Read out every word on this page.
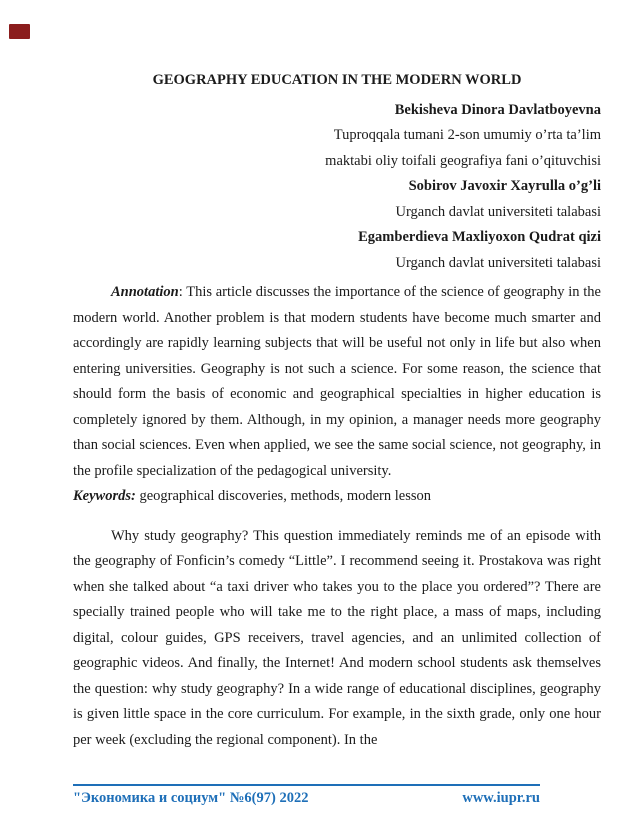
GEOGRAPHY EDUCATION IN THE MODERN WORLD

Bekisheva Dinora Davlatboyevna
Tuproqqala tumani 2-son umumiy o’rta ta’lim
maktabi oliy toifali geografiya fani o’qituvchisi
Sobirov Javoxir Xayrulla o’g’li
Urganch davlat universiteti talabasi
Egamberdieva Maxliyoxon Qudrat qizi
Urganch davlat universiteti talabasi

Annotation: This article discusses the importance of the science of geography in the modern world. Another problem is that modern students have become much smarter and accordingly are rapidly learning subjects that will be useful not only in life but also when entering universities. Geography is not such a science. For some reason, the science that should form the basis of economic and geographical specialties in higher education is completely ignored by them. Although, in my opinion, a manager needs more geography than social sciences. Even when applied, we see the same social science, not geography, in the profile specialization of the pedagogical university.

Keywords: geographical discoveries, methods, modern lesson

Why study geography? This question immediately reminds me of an episode with the geography of Fonficin’s comedy “Little”. I recommend seeing it. Prostakova was right when she talked about “a taxi driver who takes you to the place you ordered”? There are specially trained people who will take me to the right place, a mass of maps, including digital, colour guides, GPS receivers, travel agencies, and an unlimited collection of geographic videos. And finally, the Internet! And modern school students ask themselves the question: why study geography? In a wide range of educational disciplines, geography is given little space in the core curriculum. For example, in the sixth grade, only one hour per week (excluding the regional component). In the

"Экономика и социум" №6(97) 2022	www.iupr.ru
